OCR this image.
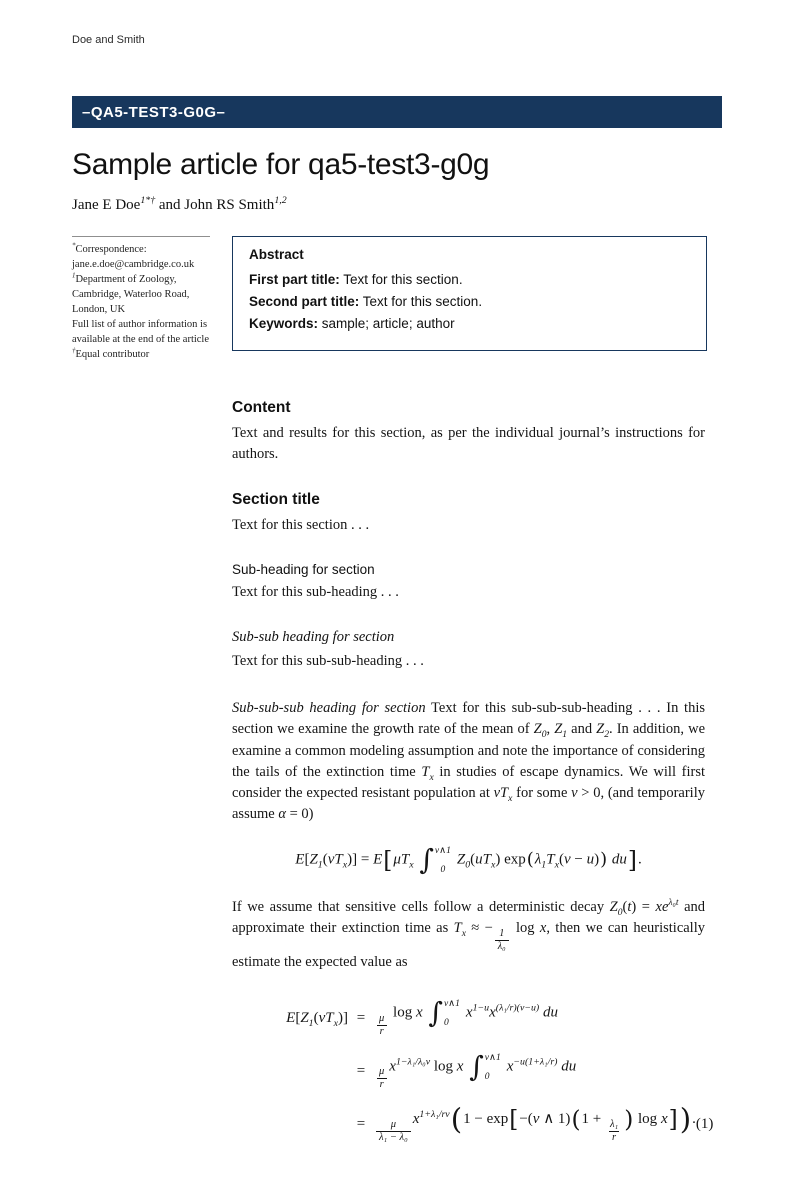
Doe and Smith
–QA5-TEST3-G0G–
Sample article for qa5-test3-g0g
Jane E Doe$^{1*\dagger}$ and John RS Smith$^{1,2}$
*Correspondence:
jane.e.doe@cambridge.co.uk
$^1$Department of Zoology,
Cambridge, Waterloo Road,
London, UK
Full list of author information is
available at the end of the article
†Equal contributor
Abstract
First part title: Text for this section.
Second part title: Text for this section.
Keywords: sample; article; author
Content

Text and results for this section, as per the individual journal’s instructions for authors.

Section title

Text for this section . . .

Sub-heading for section

Text for this sub-heading . . .

Sub-sub heading for section

Text for this sub-sub-heading . . .

Sub-sub-sub heading for section Text for this sub-sub-sub-heading . . . In this section we examine the growth rate of the mean of $Z_0$, $Z_1$ and $Z_2$. In addition, we examine a common modeling assumption and note the importance of considering the tails of the extinction time $T_x$ in studies of escape dynamics. We will first consider the expected resistant population at $vT_x$ for some v > 0, (and temporarily assume α = 0)

$E[Z_1(vT_x)] = E[\mu T_x$ ∫ v∧1
0
$Z_0(uT_x) \exp(\lambda_1T_x(v - u))$ du].

If we assume that sensitive cells follow a deterministic decay $Z_0(t) = xe^{\lambda_0t}$ and approximate their extinction time as $T_x$ ≈ − $\frac{1}{\text{λ₀}}$ log x, then we can heuristically estimate the expected value as

$E[Z_1(vT_x)]$ =	$\frac{\mu}{r}$ log x ∫ v∧1
0
$x^{1-u}x^{(\lambda_1/r)(v-u)}$ du
=	$\frac{\mu}{r} x^{1-\lambda_1/\lambda_0v}$ log x ∫ v∧1
0
$x^{-u(1+\lambda_1/r)}$ du
=	$\frac{\mu}{\text{λ₁ − λ₀}} x^{1+\lambda_1/rv}(1 - \exp[-(v$ ∧ $1)(1 + \frac{\text{λ₁}}{r}$ ) log x]). (1)
